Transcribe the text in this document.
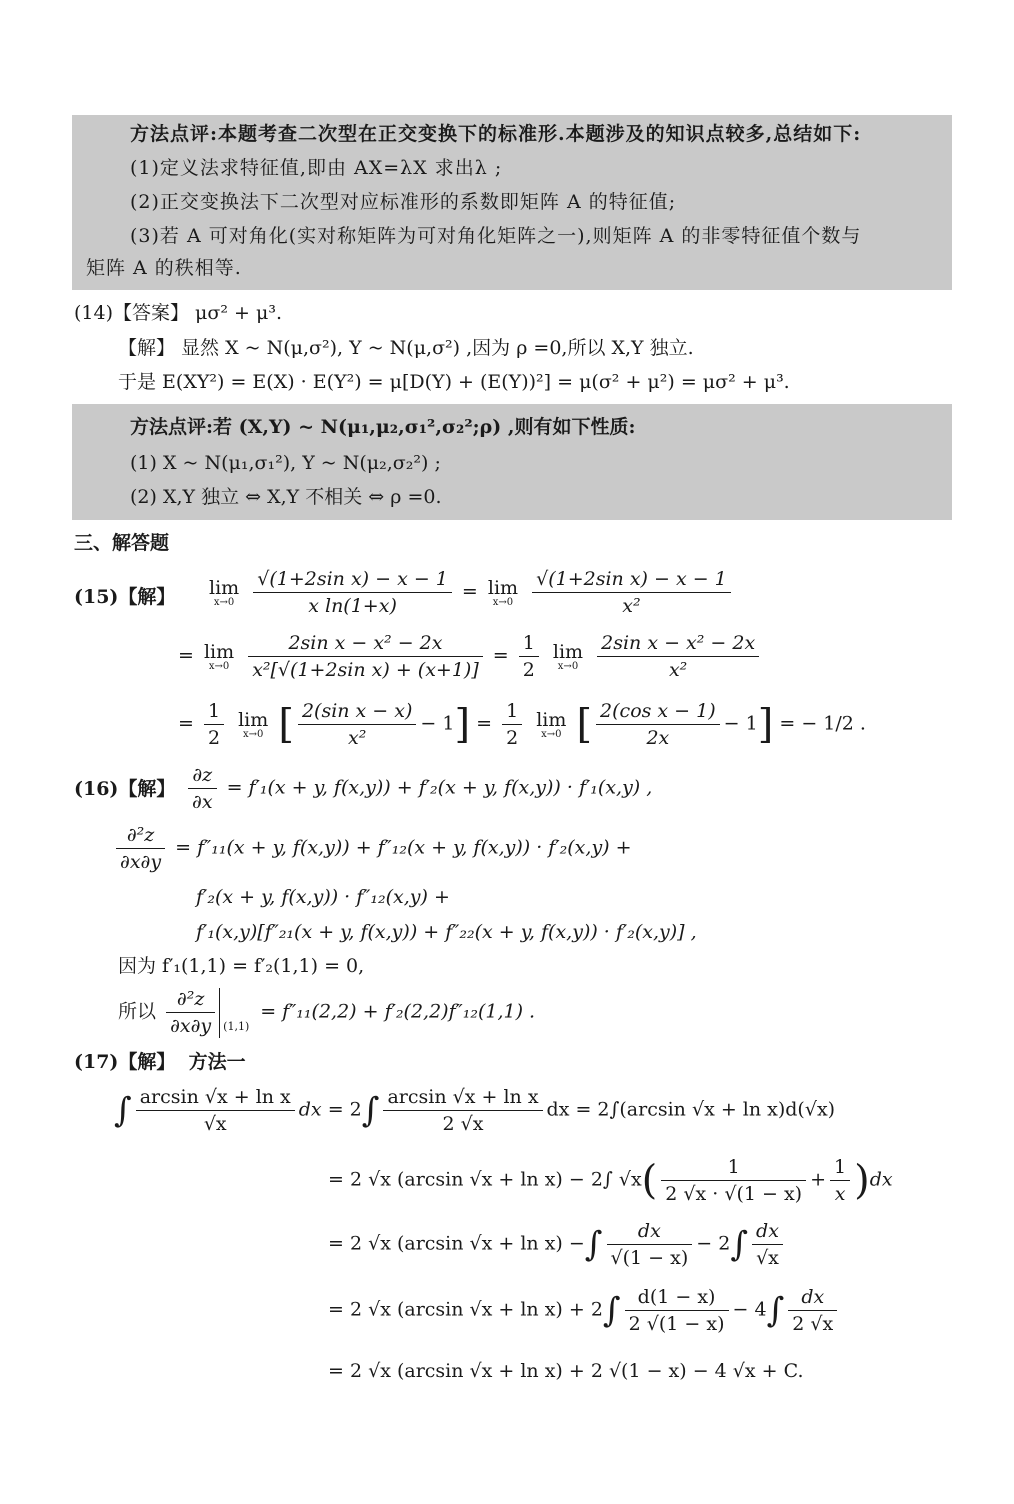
方法点评:本题考查二次型在正交变换下的标准形.本题涉及的知识点较多,总结如下:
(1)定义法求特征值,即由 AX=λX 求出λ ;
(2)正交变换法下二次型对应标准形的系数即矩阵 A 的特征值;
(3)若 A 可对角化(实对称矩阵为可对角化矩阵之一),则矩阵 A 的非零特征值个数与
矩阵 A 的秩相等.
(14)【答案】 μσ² + μ³.
【解】 显然 X ~ N(μ,σ²), Y ~ N(μ,σ²) ,因为 ρ =0,所以 X,Y 独立.
于是 E(XY²) = E(X) · E(Y²) = μ[D(Y) + (E(Y))²] = μ(σ² + μ²) = μσ² + μ³.
方法点评:若 (X,Y) ~ N(μ₁,μ₂,σ₁²,σ₂²;ρ) ,则有如下性质:
(1) X ~ N(μ₁,σ₁²), Y ~ N(μ₂,σ₂²) ;
(2) X,Y 独立 ⇔ X,Y 不相关 ⇔ ρ =0.
三、解答题
(15)【解】 lim
x→0
$\frac{\text{√(1+2sin x) − x − 1}}{\text{x ln(1+x)}} = \lim$
x→0
$\frac{\text{√(1+2sin x) − x − 1}}{\text{x²}}$
= lim
x→0
$\frac{\text{2sin x − x² − 2x}}{\text{x²[√(1+2sin x) + (x+1)]}} = \frac{1}{2}$ lim
x→0
$\frac{\text{2sin x − x² − 2x}}{\text{x²}}$
= $\frac{1}{2}$ lim
x→0 [ $\frac{\text{2(sin x − x)}}{\text{x²}} - 1] = \frac{1}{2}$ lim
x→0 [ $\frac{\text{2(cos x − 1)}}{2x} - 1$] = − 1/2 .
(16)【解】 $\frac{\partial z}{\partial x} = f'_1(x + y$, f(x,y)) + f′₂(x + y, f(x,y)) · f′₁(x,y) ,
$\frac{\text{∂²z}}{\partial x\partial y} = f''_{11}(x + y$, f(x,y)) + f″₁₂(x + y, f(x,y)) · f′₂(x,y) +
f′₂(x + y, f(x,y)) · f″₁₂(x,y) +
f′₁(x,y)[f″₂₁(x + y, f(x,y)) + f″₂₂(x + y, f(x,y)) · f′₂(x,y)] ,
因为 f′₁(1,1) = f′₂(1,1) = 0,
所以 $\frac{\text{∂²z}}{\partial x\partial y} (1,1)$
= f″₁₁(2,2) + f′₂(2,2)f″₁₂(1,1) .
(17)【解】 方法一
∫ $\frac{\text{arcsin √x + ln x}}{√x}$ dx = $2\int \frac{\text{arcsin √x + ln x}}{2 √x}$ dx = 2∫(arcsin √x + ln x)d(√x)
= 2 √x (arcsin √x + ln x) − 2∫ $√x( \frac{1}{2 √x \cdot √(1 - x)} + \frac{1}{x} )dx$
= 2 √x (arcsin √x + ln x) −∫ $\frac{dx}{√(1 - x)} - 2\int \frac{dx}{√x}$
= 2 √x (arcsin $√x + \ln x) + 2\int \frac{d(1 - x)}{2 √(1 - x)} - 4\int \frac{dx}{2 √x}$
= 2 √x (arcsin √x + ln x) + 2 √(1 − x) − 4 √x + C.
